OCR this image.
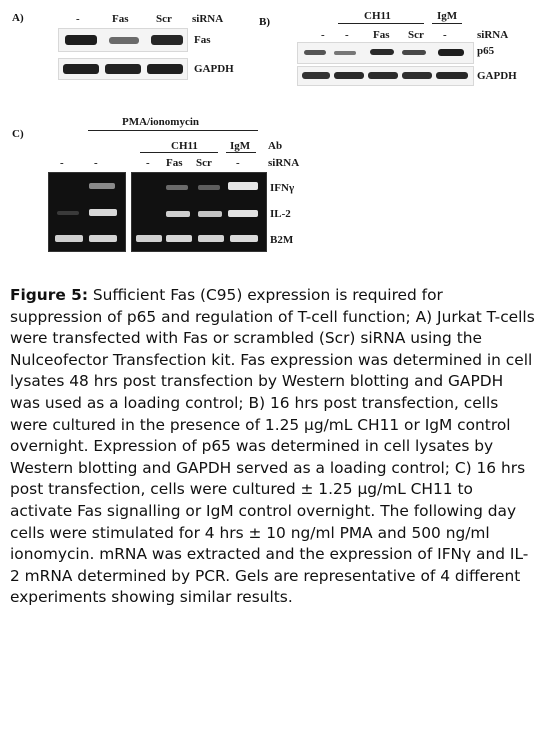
A)	-	Fas	Scr siRNA
Fas
GAPDH
B)	CH11	IgM
- - Fas Scr -	siRNA
p65
GAPDH
C)
PMA/ionomycin
CH11	IgM Ab
-	-	- Fas Scr -	siRNA
IFNγ
IL-2
B2M
Figure 5: Sufficient Fas (C95) expression is required for suppression of p65 and regulation of T-cell function; A) Jurkat T-cells were transfected with Fas or scrambled (Scr) siRNA using the Nulceofector Transfection kit. Fas expression was determined in cell lysates 48 hrs post transfection by Western blotting and GAPDH was used as a loading control; B) 16 hrs post transfection, cells were cultured in the presence of 1.25 μg/mL CH11 or IgM control overnight. Expression of p65 was determined in cell lysates by Western blotting and GAPDH served as a loading control; C) 16 hrs post transfection, cells were cultured ± 1.25 μg/mL CH11 to activate Fas signalling or IgM control overnight. The following day cells were stimulated for 4 hrs ± 10 ng/ml PMA and 500 ng/ml ionomycin. mRNA was extracted and the expression of IFNγ and IL-2 mRNA determined by PCR. Gels are representative of 4 different experiments showing similar results.
